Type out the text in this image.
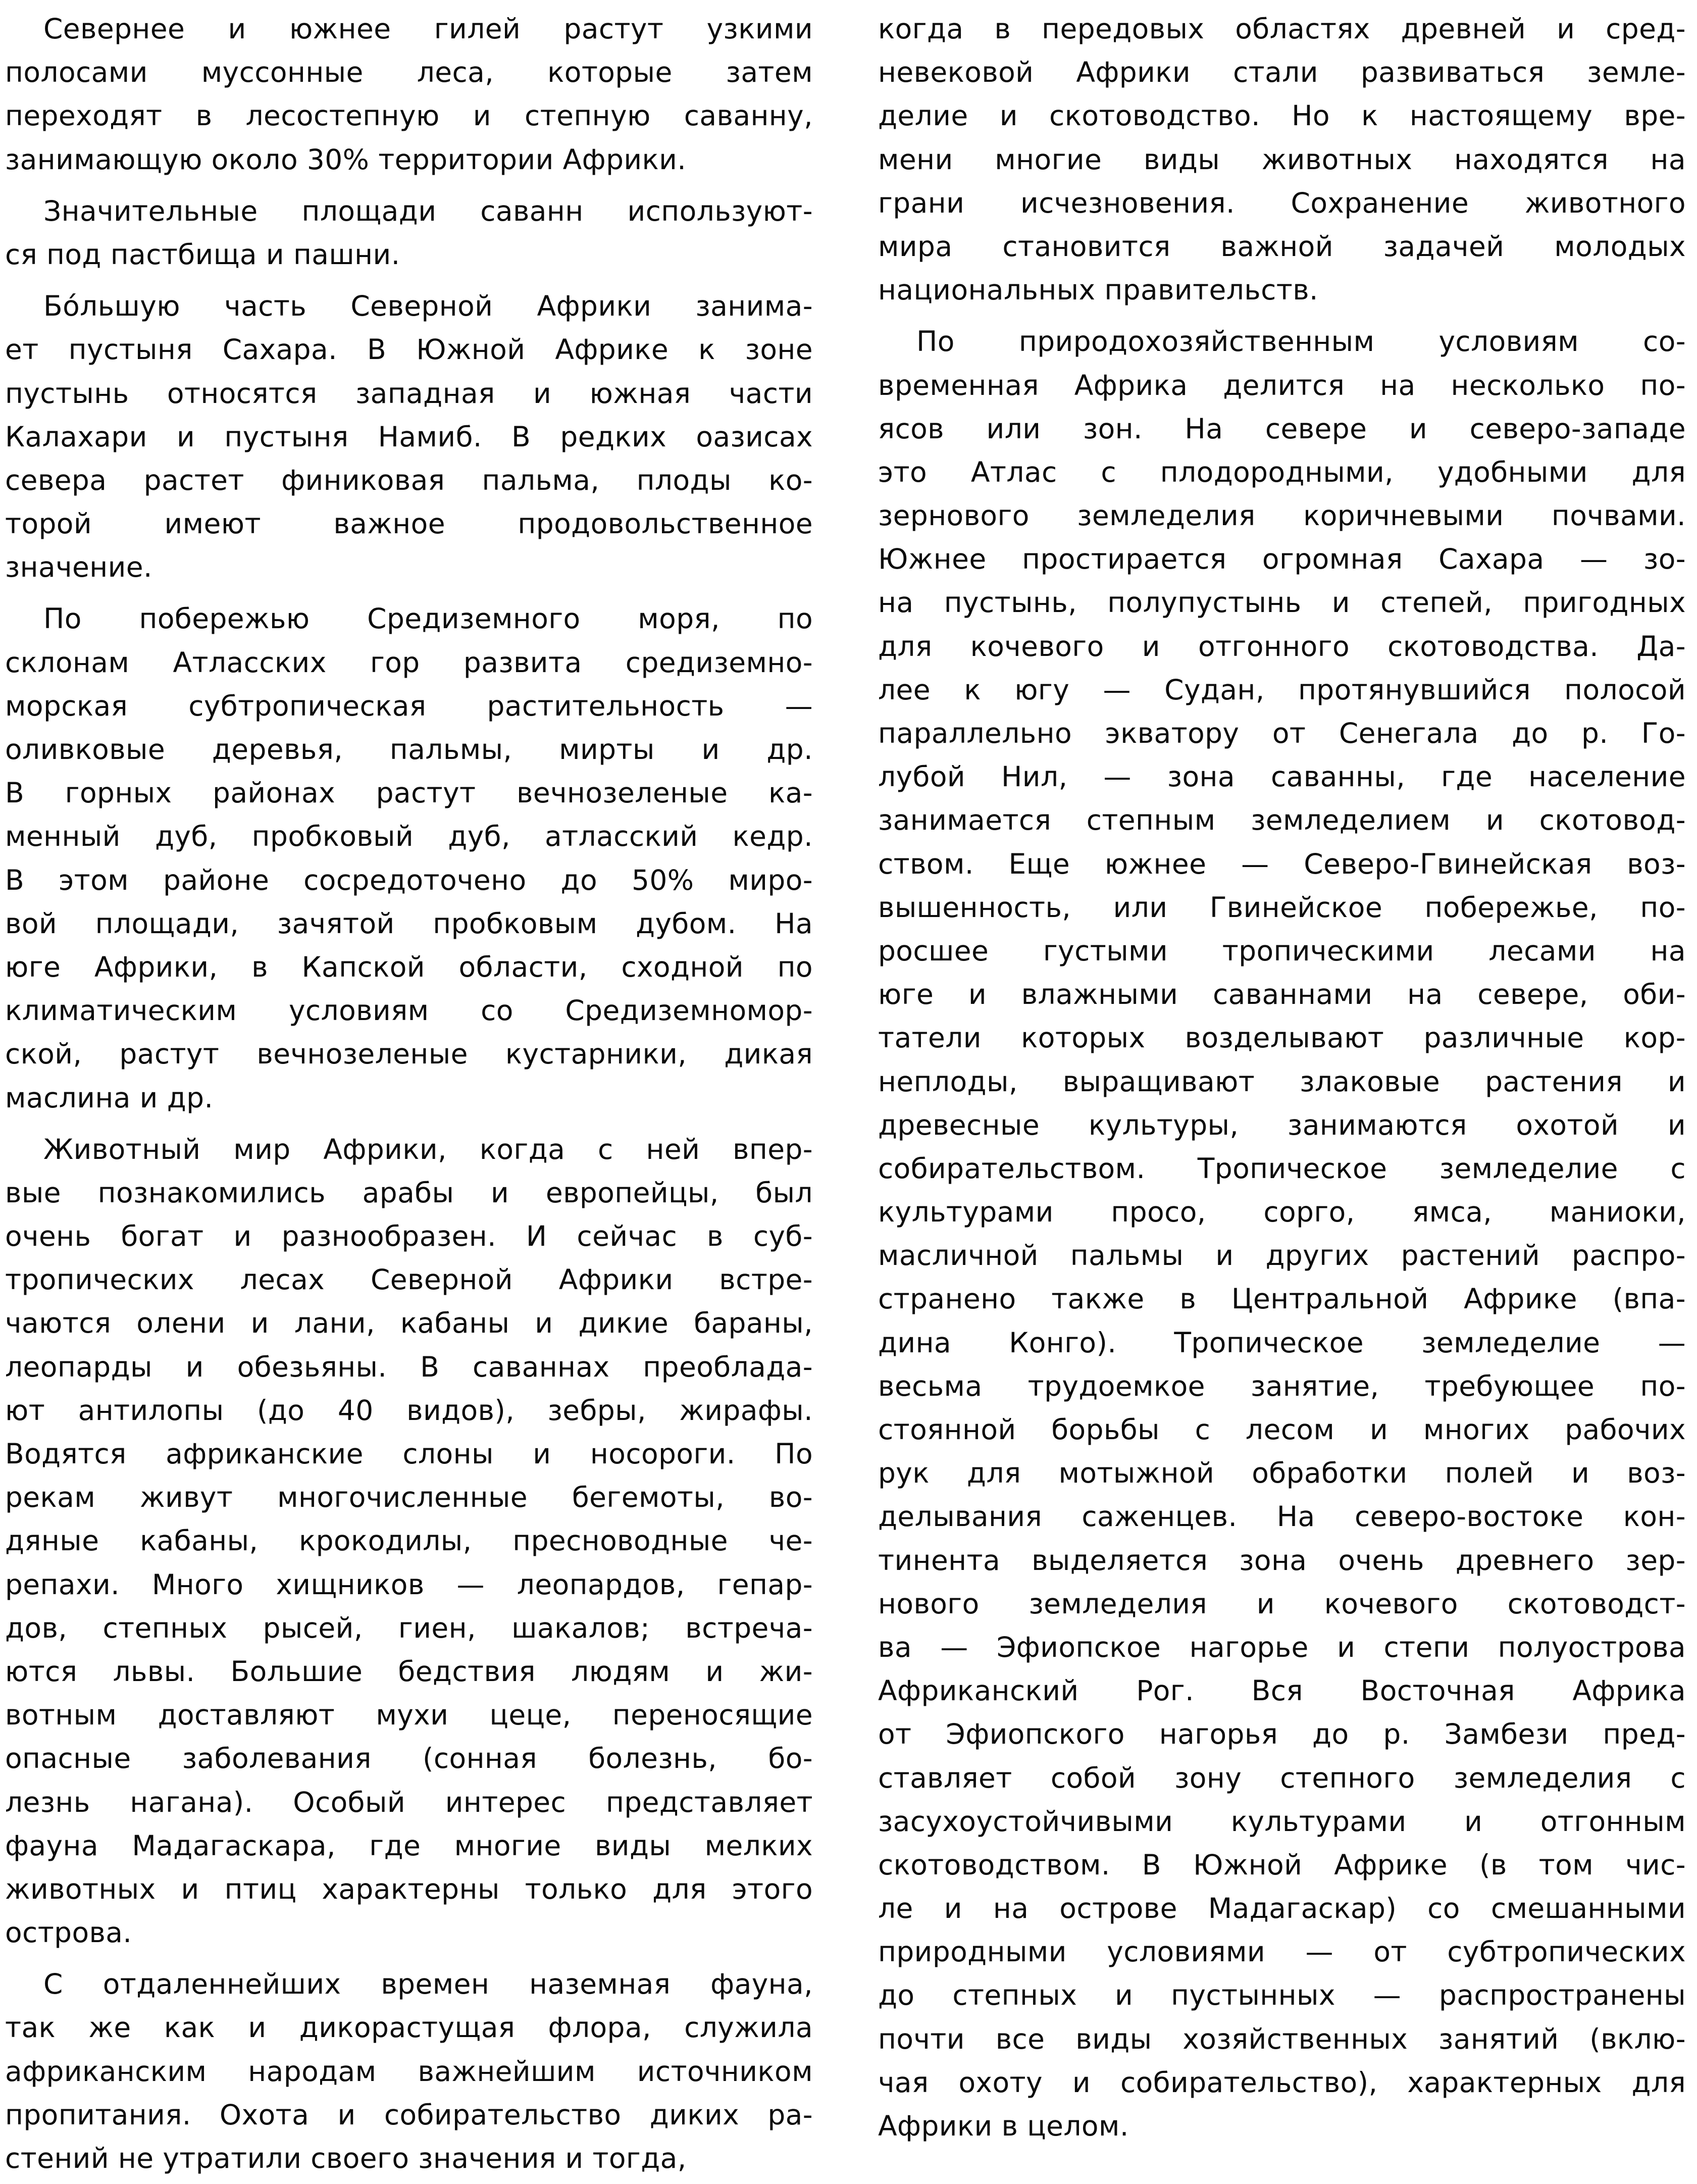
Севернее и южнее гилей растут узкими
полосами муссонные леса, которые затем
переходят в лесостепную и степную саванну,
занимающую около 30% территории Африки.
Значительные площади саванн используют-
ся под пастбища и пашни.
Бóльшую часть Северной Африки занима-
ет пустыня Сахара. В Южной Африке к зоне
пустынь относятся западная и южная части
Калахари и пустыня Намиб. В редких оазисах
севера растет финиковая пальма, плоды ко-
торой имеют важное продовольственное
значение.
По побережью Средиземного моря, по
склонам Атласских гор развита средиземно-
морская субтропическая растительность —
оливковые деревья, пальмы, мирты и др.
В горных районах растут вечнозеленые ка-
менный дуб, пробковый дуб, атласский кедр.
В этом районе сосредоточено до 50% миро-
вой площади, зачятой пробковым дубом. На
юге Африки, в Капской области, сходной по
климатическим условиям со Средиземномор-
ской, растут вечнозеленые кустарники, дикая
маслина и др.
Животный мир Африки, когда с ней впер-
вые познакомились арабы и европейцы, был
очень богат и разнообразен. И сейчас в суб-
тропических лесах Северной Африки встре-
чаются олени и лани, кабаны и дикие бараны,
леопарды и обезьяны. В саваннах преобладa-
ют антилопы (до 40 видов), зебры, жирафы.
Водятся африканские слоны и носороги. По
рекам живут многочисленные бегемоты, во-
дяные кабаны, крокодилы, пресноводные че-
репахи. Много хищников — леопардов, гепар-
дов, степных рысей, гиен, шакалов; встреча-
ются львы. Большие бедствия людям и жи-
вотным доставляют мухи цеце, переносящие
опасные заболевания (сонная болезнь, бо-
лезнь нагана). Особый интерес представляет
фауна Мадагаскара, где многие виды мелких
животных и птиц характерны только для этого
острова.
С отдаленнейших времен наземная фауна,
так же как и дикорастущая флора, служила
африканским народам важнейшим источником
пропитания. Охота и собирательство диких ра-
стений не утратили своего значения и тогда,
когда в передовых областях древней и сред-
невековой Африки стали развиваться земле-
делие и скотоводство. Но к настоящему вре-
мени многие виды животных находятся на
грани исчезновения. Сохранение животного
мира становится важной задачей молодых
национальных правительств.
По природохозяйственным условиям со-
временная Африка делится на несколько по-
ясов или зон. На севере и северо-западе
это Атлас с плодородными, удобными для
зернового земледелия коричневыми почвами.
Южнее простирается огромная Сахара — зо-
на пустынь, полупустынь и степей, пригодных
для кочевого и отгонного скотоводства. Да-
лее к югу — Судан, протянувшийся полосой
параллельно экватору от Сенегала до р. Го-
лубой Нил, — зона саванны, где население
занимается степным земледелием и скотовод-
ством. Еще южнее — Северо-Гвинейская воз-
вышенность, или Гвинейское побережье, по-
росшее густыми тропическими лесами на
юге и влажными саваннами на севере, оби-
татели которых возделывают различные кор-
неплоды, выращивают злаковые растения и
древесные культуры, занимаются охотой и
собирательством. Тропическое земледелие с
культурами просо, сорго, ямса, маниоки,
масличной пальмы и других растений распро-
странено также в Центральной Африке (впа-
дина Конго). Тропическое земледелие —
весьма трудоемкое занятие, требующее по-
стоянной борьбы с лесом и многих рабочих
рук для мотыжной обработки полей и воз-
делывания саженцев. На северо-востоке кон-
тинента выделяется зона очень древнего зер-
нового земледелия и кочевого скотоводст-
ва — Эфиопское нагорье и степи полуострова
Африканский Рог. Вся Восточная Африка
от Эфиопского нагорья до р. Замбези пред-
ставляет собой зону степного земледелия с
засухоустойчивыми культурами и отгонным
скотоводством. В Южной Африке (в том чис-
ле и на острове Мадагаскар) со смешанными
природными условиями — от субтропических
до степных и пустынных — распространены
почти все виды хозяйственных занятий (вклю-
чая охоту и собирательство), характерных для
Африки в целом.
